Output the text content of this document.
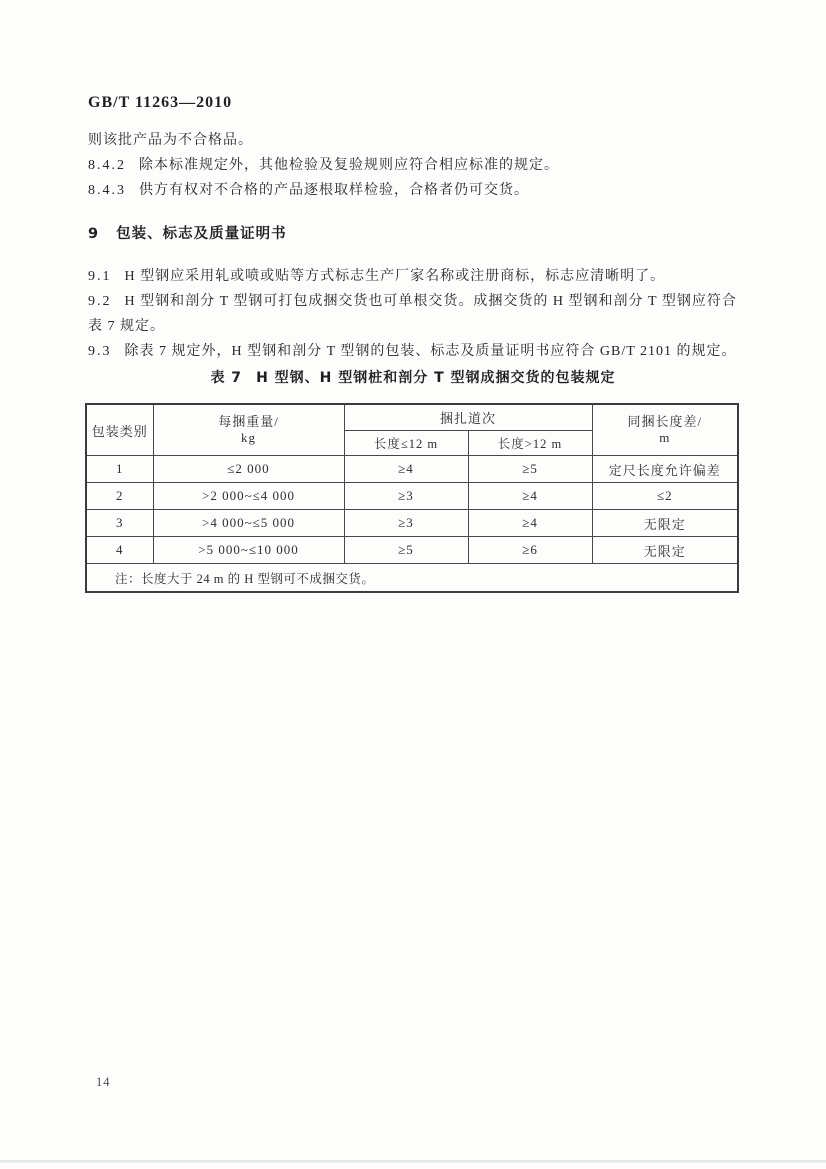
GB/T 11263—2010

则该批产品为不合格品。

8.4.2 除本标准规定外，其他检验及复验规则应符合相应标准的规定。

8.4.3 供方有权对不合格的产品逐根取样检验，合格者仍可交货。

9 包装、标志及质量证明书

9.1 H 型钢应采用轧或喷或贴等方式标志生产厂家名称或注册商标，标志应清晰明了。

9.2 H 型钢和剖分 T 型钢可打包成捆交货也可单根交货。成捆交货的 H 型钢和剖分 T 型钢应符合

表 7 规定。

9.3 除表 7 规定外，H 型钢和剖分 T 型钢的包装、标志及质量证明书应符合 GB/T 2101 的规定。

表 7 H 型钢、H 型钢桩和剖分 T 型钢成捆交货的包装规定
包装类别	每捆重量/
kg	捆扎道次		同捆长度差/
m

		长度≤12 m	长度>12 m	
1	≤2 000	≥4	≥5	定尺长度允许偏差
2	>2 000~≤4 000	≥3	≥4	≤2
3	>4 000~≤5 000	≥3	≥4	无限定
4	>5 000~≤10 000	≥5	≥6	无限定
注：长度大于 24 m 的 H 型钢可不成捆交货。				
14
